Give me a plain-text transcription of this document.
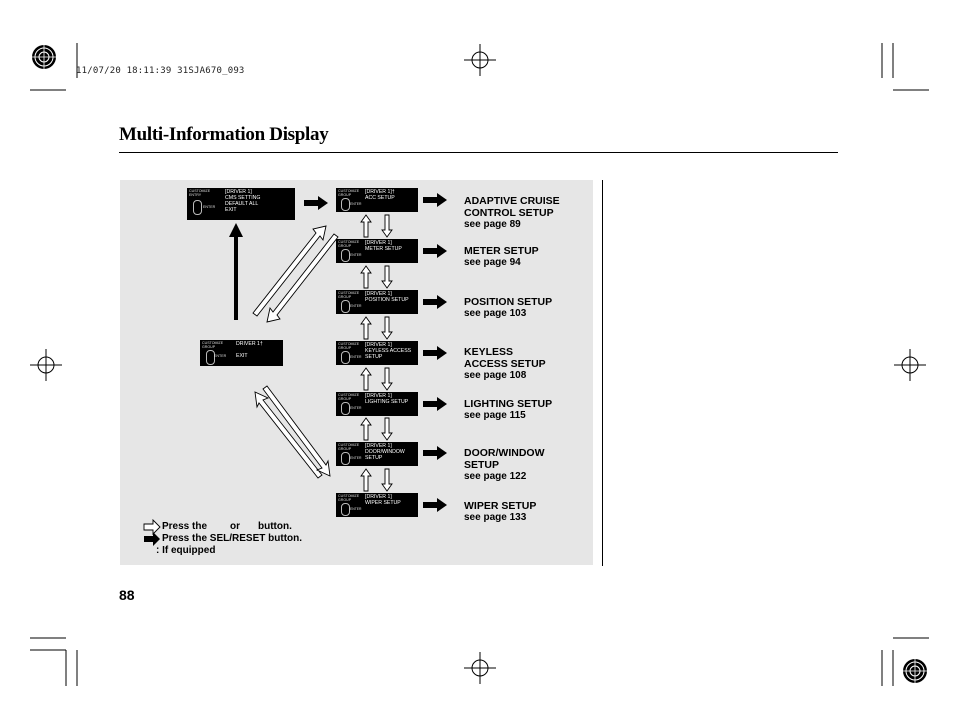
11/07/20 18:11:39 31SJA670_093
Multi-Information Display
CUSTOMIZE
ENTRY
ENTER
[DRIVER 1]
CMS SETTING
DEFAULT ALL
EXIT
CUSTOMIZE
GROUP
ENTER
DRIVER 1†

EXIT
CUSTOMIZE
GROUP
ENTER
[DRIVER 1]†
ACC SETUP
CUSTOMIZE
GROUP
ENTER
[DRIVER 1]
METER SETUP
CUSTOMIZE
GROUP
ENTER
[DRIVER 1]
POSITION SETUP
CUSTOMIZE
GROUP
ENTER
[DRIVER 1]
KEYLESS ACCESS
SETUP
CUSTOMIZE
GROUP
ENTER
[DRIVER 1]
LIGHTING SETUP
CUSTOMIZE
GROUP
ENTER
[DRIVER 1]
DOOR/WINDOW
SETUP
CUSTOMIZE
GROUP
ENTER
[DRIVER 1]
WIPER SETUP
ADAPTIVE CRUISE
CONTROL SETUP
see page 89
METER SETUP
see page 94
POSITION SETUP
see page 103
KEYLESS
ACCESS SETUP
see page 108
LIGHTING SETUP
see page 115
DOOR/WINDOW
SETUP
see page 122
WIPER SETUP
see page 133
Press the or button.
Press the SEL/RESET button.
: If equipped
88
